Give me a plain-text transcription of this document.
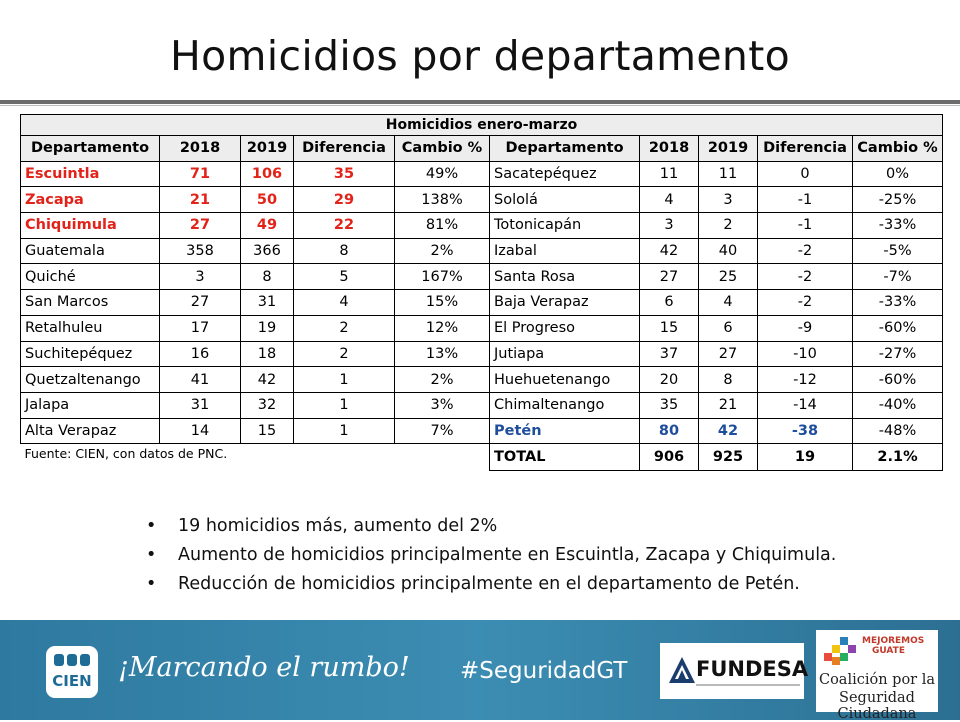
Homicidios por departamento
Homicidios enero-marzo									
Departamento	2018	2019	Diferencia	Cambio %	Departamento	2018	2019	Diferencia	Cambio %
Escuintla	71	106	35	49%	Sacatepéquez	11	11	0	0%
Zacapa	21	50	29	138%	Sololá	4	3	-1	-25%
Chiquimula	27	49	22	81%	Totonicapán	3	2	-1	-33%
Guatemala	358	366	8	2%	Izabal	42	40	-2	-5%
Quiché	3	8	5	167%	Santa Rosa	27	25	-2	-7%
San Marcos	27	31	4	15%	Baja Verapaz	6	4	-2	-33%
Retalhuleu	17	19	2	12%	El Progreso	15	6	-9	-60%
Suchitepéquez	16	18	2	13%	Jutiapa	37	27	-10	-27%
Quetzaltenango	41	42	1	2%	Huehuetenango	20	8	-12	-60%
Jalapa	31	32	1	3%	Chimaltenango	35	21	-14	-40%
Alta Verapaz	14	15	1	7%	Petén	80	42	-38	-48%
Fuente: CIEN, con datos de PNC.					TOTAL	906	925	19	2.1%
• 19 homicidios más, aumento del 2%
• Aumento de homicidios principalmente en Escuintla, Zacapa y Chiquimula.
• Reducción de homicidios principalmente en el departamento de Petén.
CIEN ¡Marcando el rumbo! #SeguridadGT	FUNDESA
MEJOREMOS
GUATE
Coalición por la
Seguridad Ciudadana
